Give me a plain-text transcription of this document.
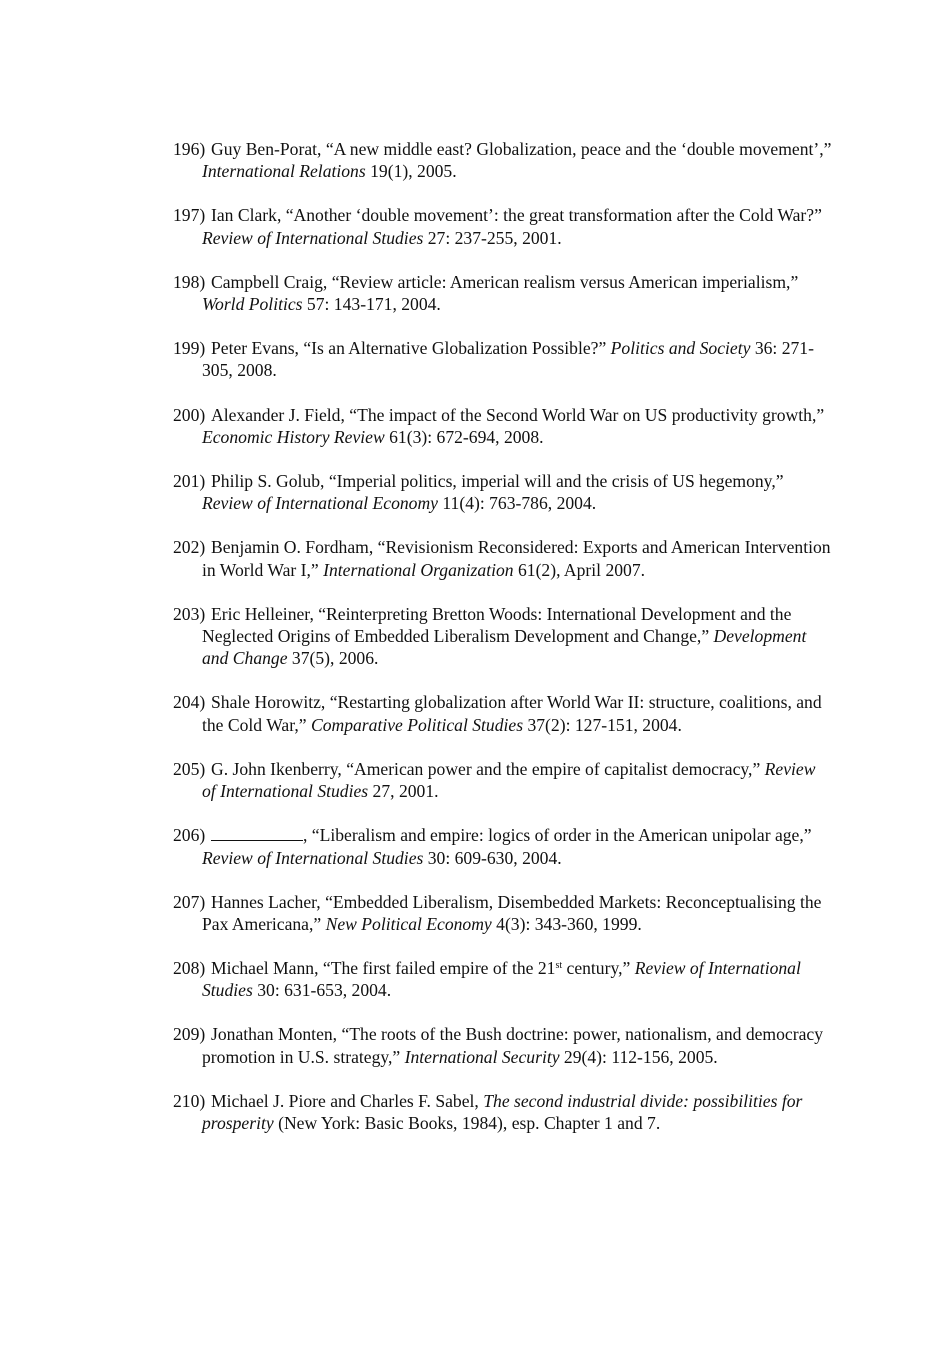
196) Guy Ben-Porat, “A new middle east? Globalization, peace and the ‘double movement’,” International Relations 19(1), 2005.
197) Ian Clark, “Another ‘double movement’: the great transformation after the Cold War?” Review of International Studies 27: 237-255, 2001.
198) Campbell Craig, “Review article: American realism versus American imperialism,” World Politics 57: 143-171, 2004.
199) Peter Evans, “Is an Alternative Globalization Possible?” Politics and Society 36: 271-305, 2008.
200) Alexander J. Field, “The impact of the Second World War on US productivity growth,” Economic History Review 61(3): 672-694, 2008.
201) Philip S. Golub, “Imperial politics, imperial will and the crisis of US hegemony,” Review of International Economy 11(4): 763-786, 2004.
202) Benjamin O. Fordham, “Revisionism Reconsidered: Exports and American Intervention in World War I,” International Organization 61(2), April 2007.
203) Eric Helleiner, “Reinterpreting Bretton Woods: International Development and the Neglected Origins of Embedded Liberalism Development and Change,” Development and Change 37(5), 2006.
204) Shale Horowitz, “Restarting globalization after World War II: structure, coalitions, and the Cold War,” Comparative Political Studies 37(2): 127-151, 2004.
205) G. John Ikenberry, “American power and the empire of capitalist democracy,” Review of International Studies 27, 2001.
206)	, “Liberalism and empire: logics of order in the American unipolar age,” Review of International Studies 30: 609-630, 2004.
207) Hannes Lacher, “Embedded Liberalism, Disembedded Markets: Reconceptualising the Pax Americana,” New Political Economy 4(3): 343-360, 1999.
208) Michael Mann, “The first failed empire of the 21st century,” Review of International Studies 30: 631-653, 2004.
209) Jonathan Monten, “The roots of the Bush doctrine: power, nationalism, and democracy promotion in U.S. strategy,” International Security 29(4): 112-156, 2005.
210) Michael J. Piore and Charles F. Sabel, The second industrial divide: possibilities for prosperity (New York: Basic Books, 1984), esp. Chapter 1 and 7.
